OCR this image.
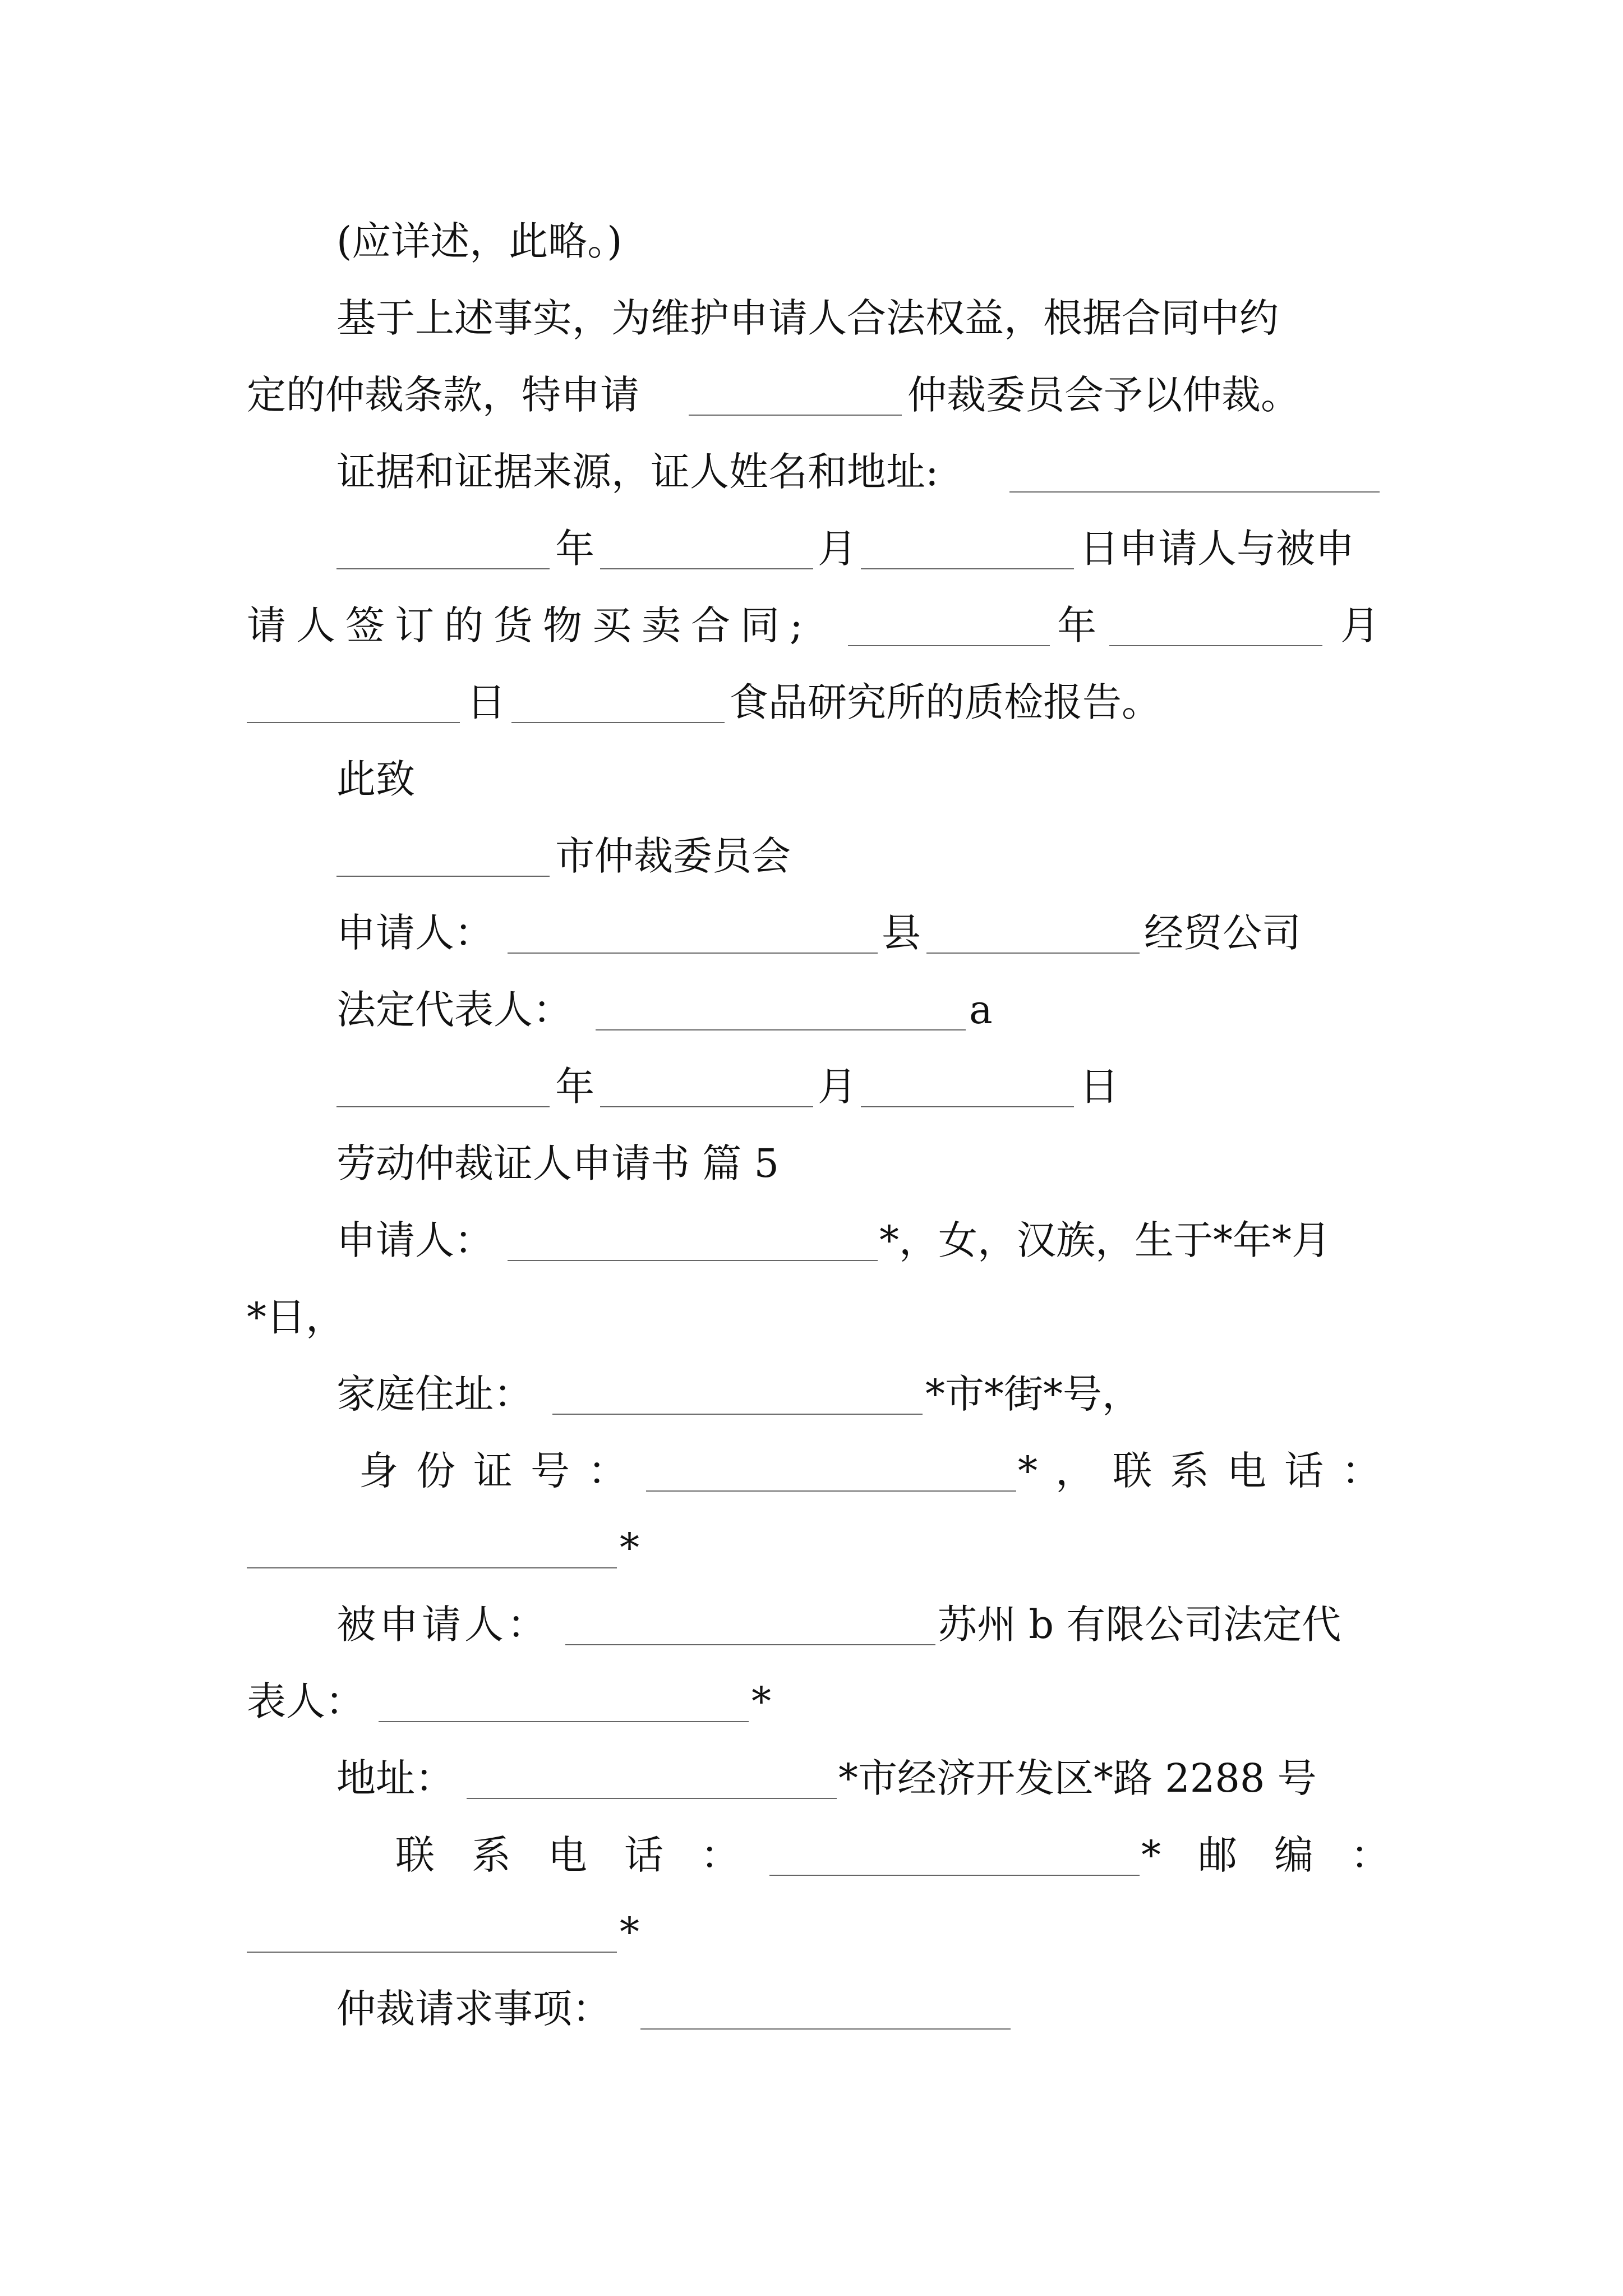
(应详述，此略。)
基于上述事实，为维护申请人合法权益，根据合同中约
定的仲裁条款，特申请	仲裁委员会予以仲裁。
证据和证据来源，证人姓名和地址:
年	月	日申请人与被申
请人签订的货物买卖合同;	年	月
日	食品研究所的质检报告。
此致
市仲裁委员会
申请人：	县	经贸公司
法定代表人：	a
年	月	日
劳动仲裁证人申请书 篇 5
申请人：	*，女，汉族，生于*年*月
*日，
家庭住址：	*市*街*号，
身份证号：	*，联系电话：
*
被申请人：	苏州 b 有限公司法定代
表人：	*
地址：	*市经济开发区*路 2288 号
联系电话：	*邮编：
*
仲裁请求事项：
